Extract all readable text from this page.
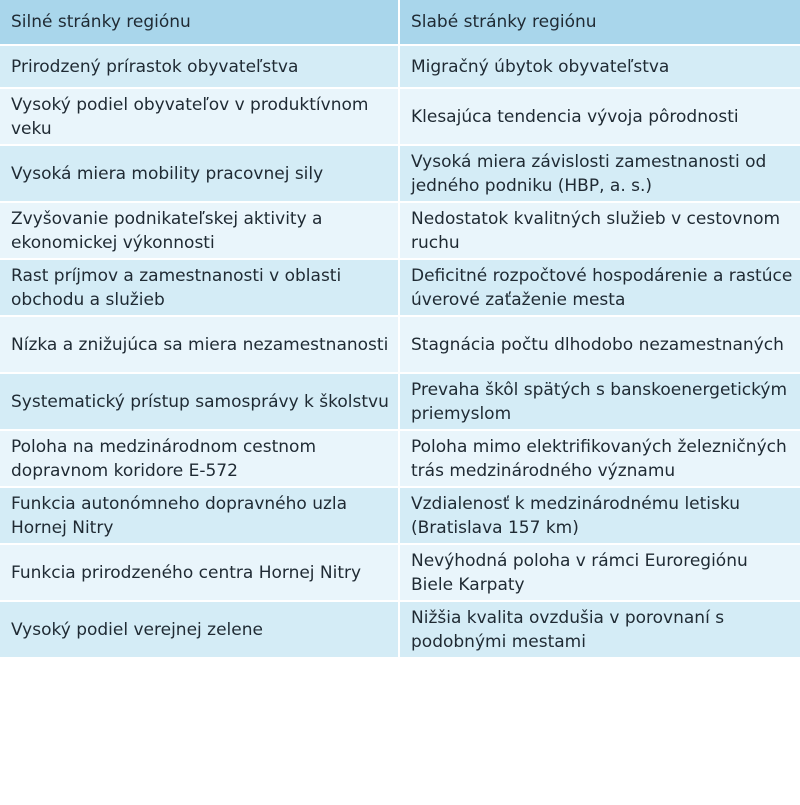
Silné stránky regiónu	Slabé stránky regiónu
Prirodzený prírastok obyvateľstva	Migračný úbytok obyvateľstva
Vysoký podiel obyvateľov v produktívnom veku	Klesajúca tendencia vývoja pôrodnosti
Vysoká miera mobility pracovnej sily	Vysoká miera závislosti zamestnanosti od jedného podniku (HBP, a. s.)
Zvyšovanie podnikateľskej aktivity a ekonomickej výkonnosti	Nedostatok kvalitných služieb v cestovnom ruchu
Rast príjmov a zamestnanosti v oblasti obchodu a služieb	Deficitné rozpočtové hospodárenie a rastúce úverové zaťaženie mesta
Nízka a znižujúca sa miera nezamestnanosti	Stagnácia počtu dlhodobo nezamestnaných
Systematický prístup samosprávy k školstvu	Prevaha škôl spätých s banskoenergetickým priemyslom
Poloha na medzinárodnom cestnom dopravnom koridore E-572	Poloha mimo elektrifikovaných železničných trás medzinárodného významu
Funkcia autonómneho dopravného uzla Hornej Nitry	Vzdialenosť k medzinárodnému letisku (Bratislava 157 km)
Funkcia prirodzeného centra Hornej Nitry	Nevýhodná poloha v rámci Euroregiónu Biele Karpaty
Vysoký podiel verejnej zelene	Nižšia kvalita ovzdušia v porovnaní s podobnými mestami
